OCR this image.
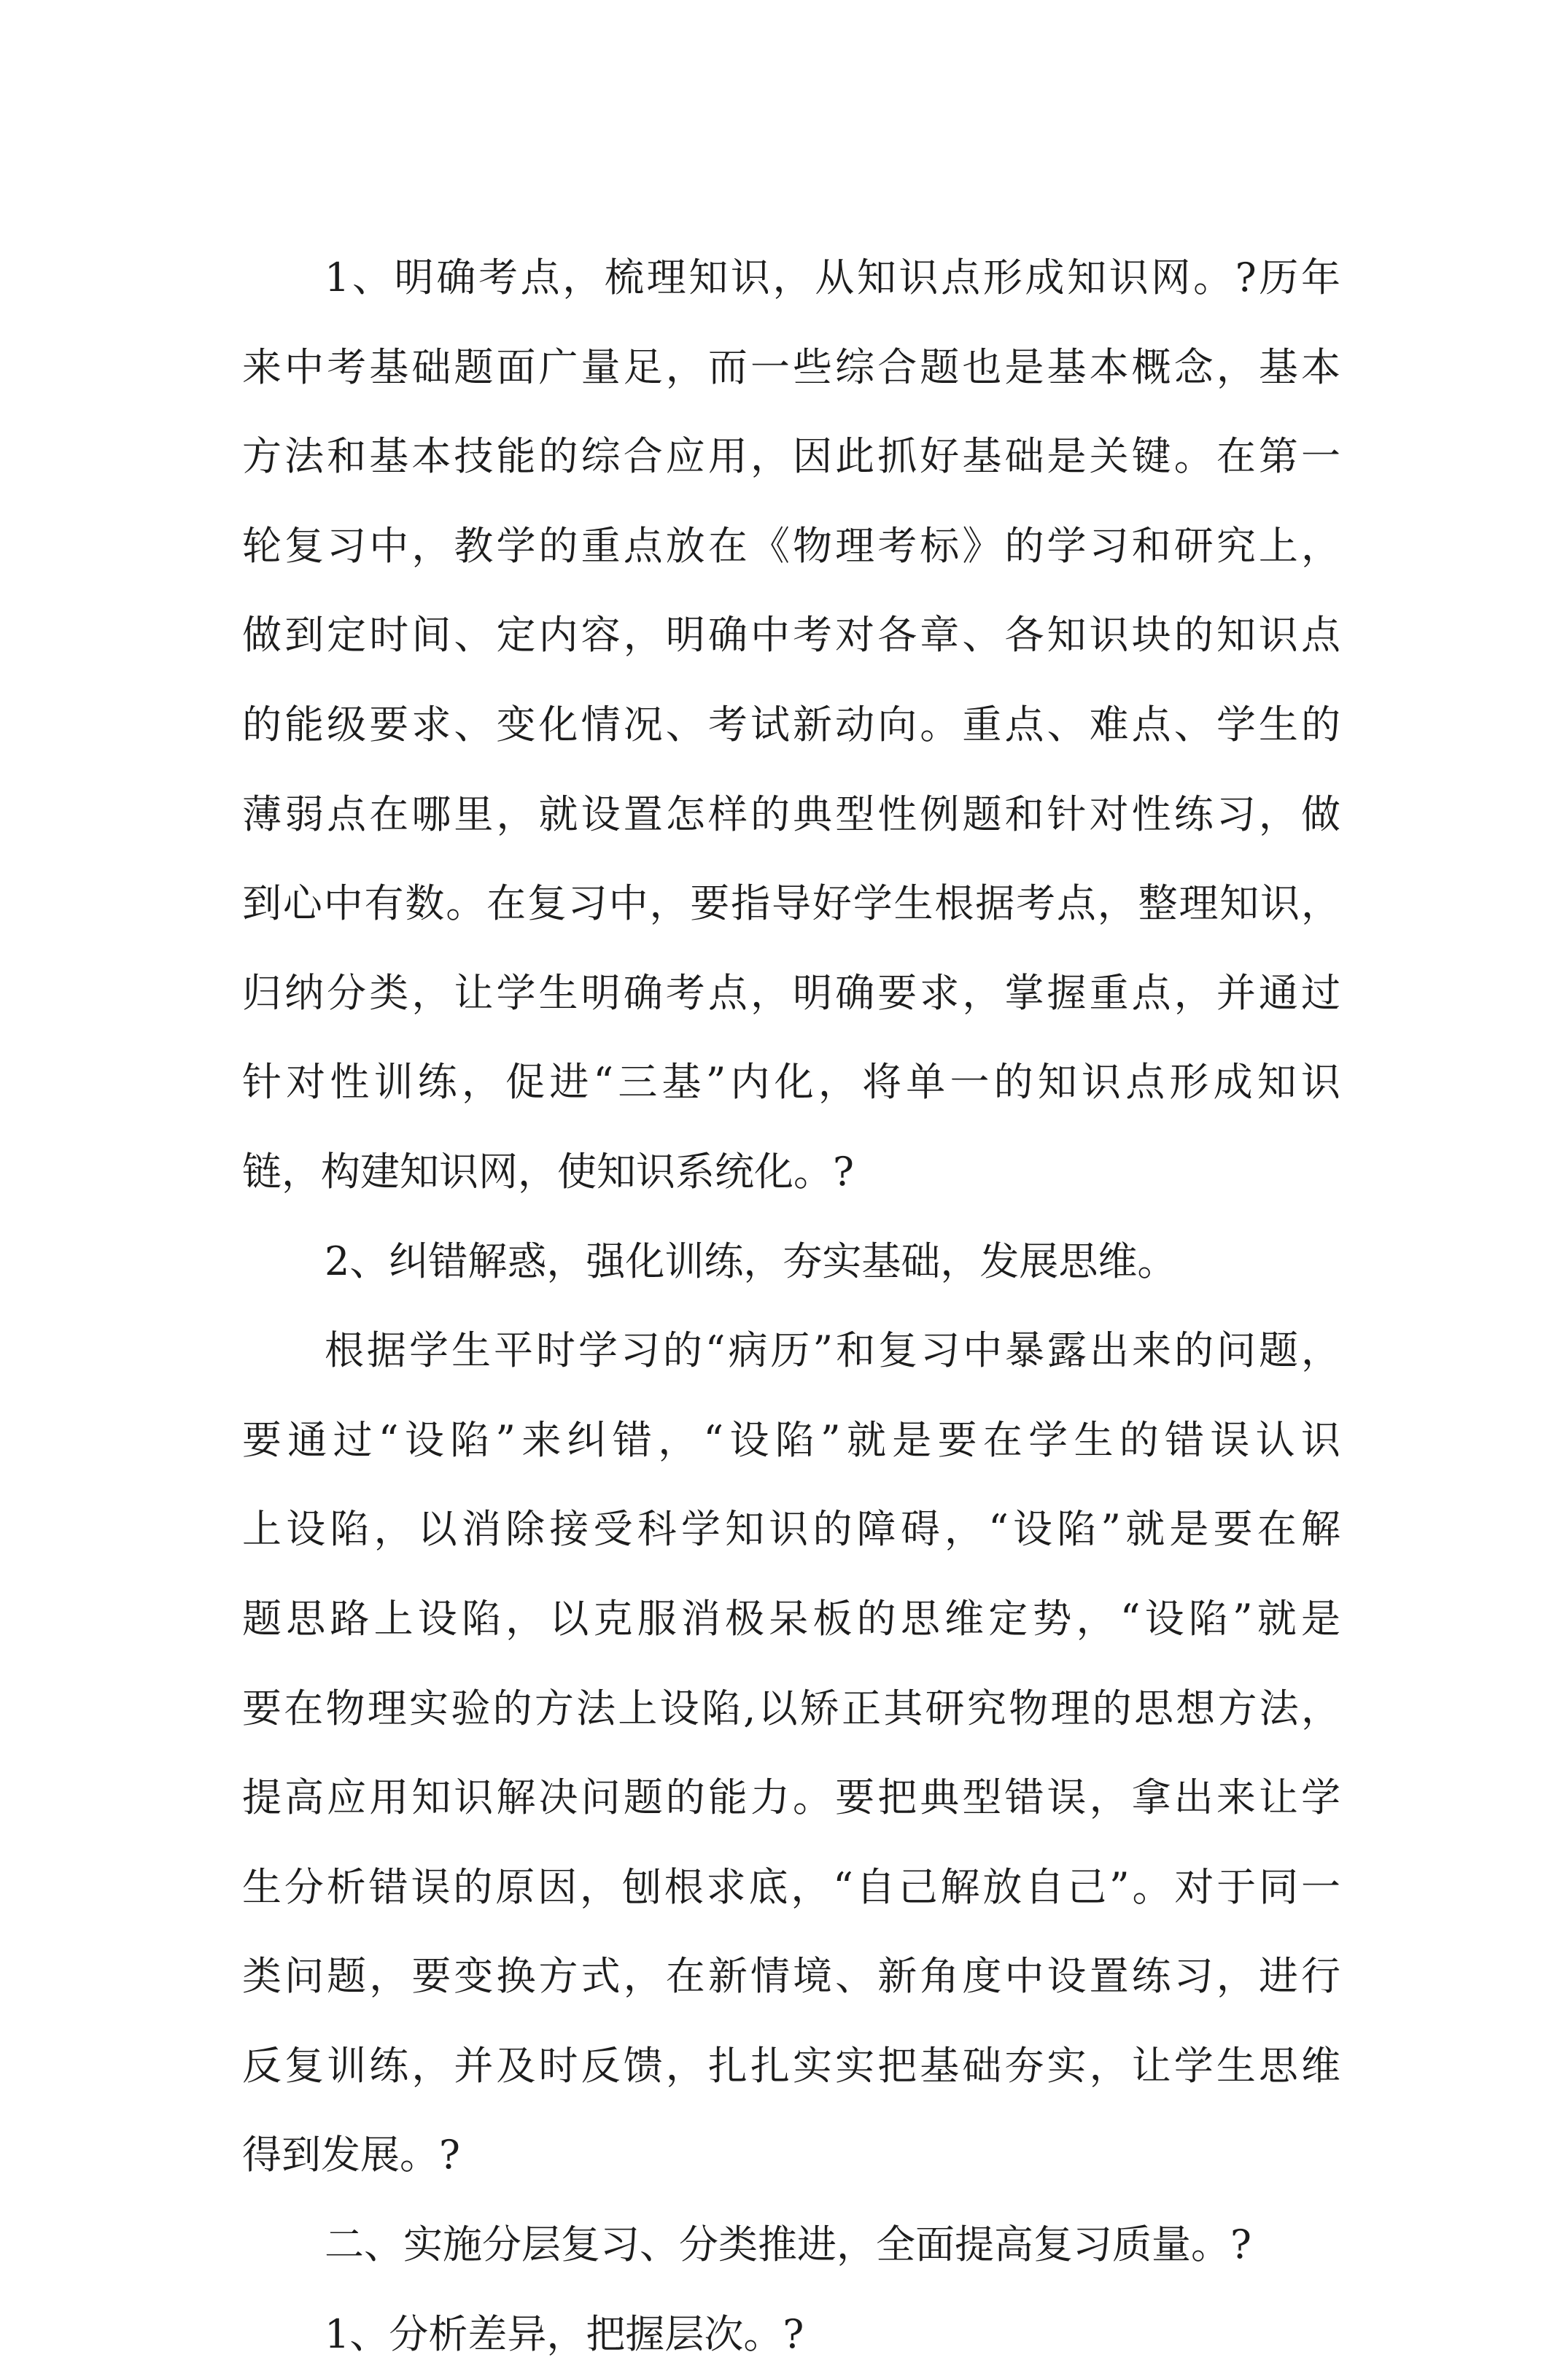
1、明确考点，梳理知识，从知识点形成知识网。?历年
来中考基础题面广量足，而一些综合题也是基本概念，基本
方法和基本技能的综合应用，因此抓好基础是关键。在第一
轮复习中，教学的重点放在《物理考标》的学习和研究上，
做到定时间、定内容，明确中考对各章、各知识块的知识点
的能级要求、变化情况、考试新动向。重点、难点、学生的
薄弱点在哪里，就设置怎样的典型性例题和针对性练习，做
到心中有数。在复习中，要指导好学生根据考点，整理知识，
归纳分类，让学生明确考点，明确要求，掌握重点，并通过
针对性训练，促进“三基”内化，将单一的知识点形成知识
链，构建知识网，使知识系统化。?
2、纠错解惑，强化训练，夯实基础，发展思维。
根据学生平时学习的“病历”和复习中暴露出来的问题，
要通过“设陷”来纠错，“设陷”就是要在学生的错误认识
上设陷，以消除接受科学知识的障碍，“设陷”就是要在解
题思路上设陷，以克服消极呆板的思维定势，“设陷”就是
要在物理实验的方法上设陷,以矫正其研究物理的思想方法，
提高应用知识解决问题的能力。要把典型错误，拿出来让学
生分析错误的原因，刨根求底，“自己解放自己”。对于同一
类问题，要变换方式，在新情境、新角度中设置练习，进行
反复训练，并及时反馈，扎扎实实把基础夯实，让学生思维
得到发展。?
二、实施分层复习、分类推进，全面提高复习质量。?
1、分析差异，把握层次。?
